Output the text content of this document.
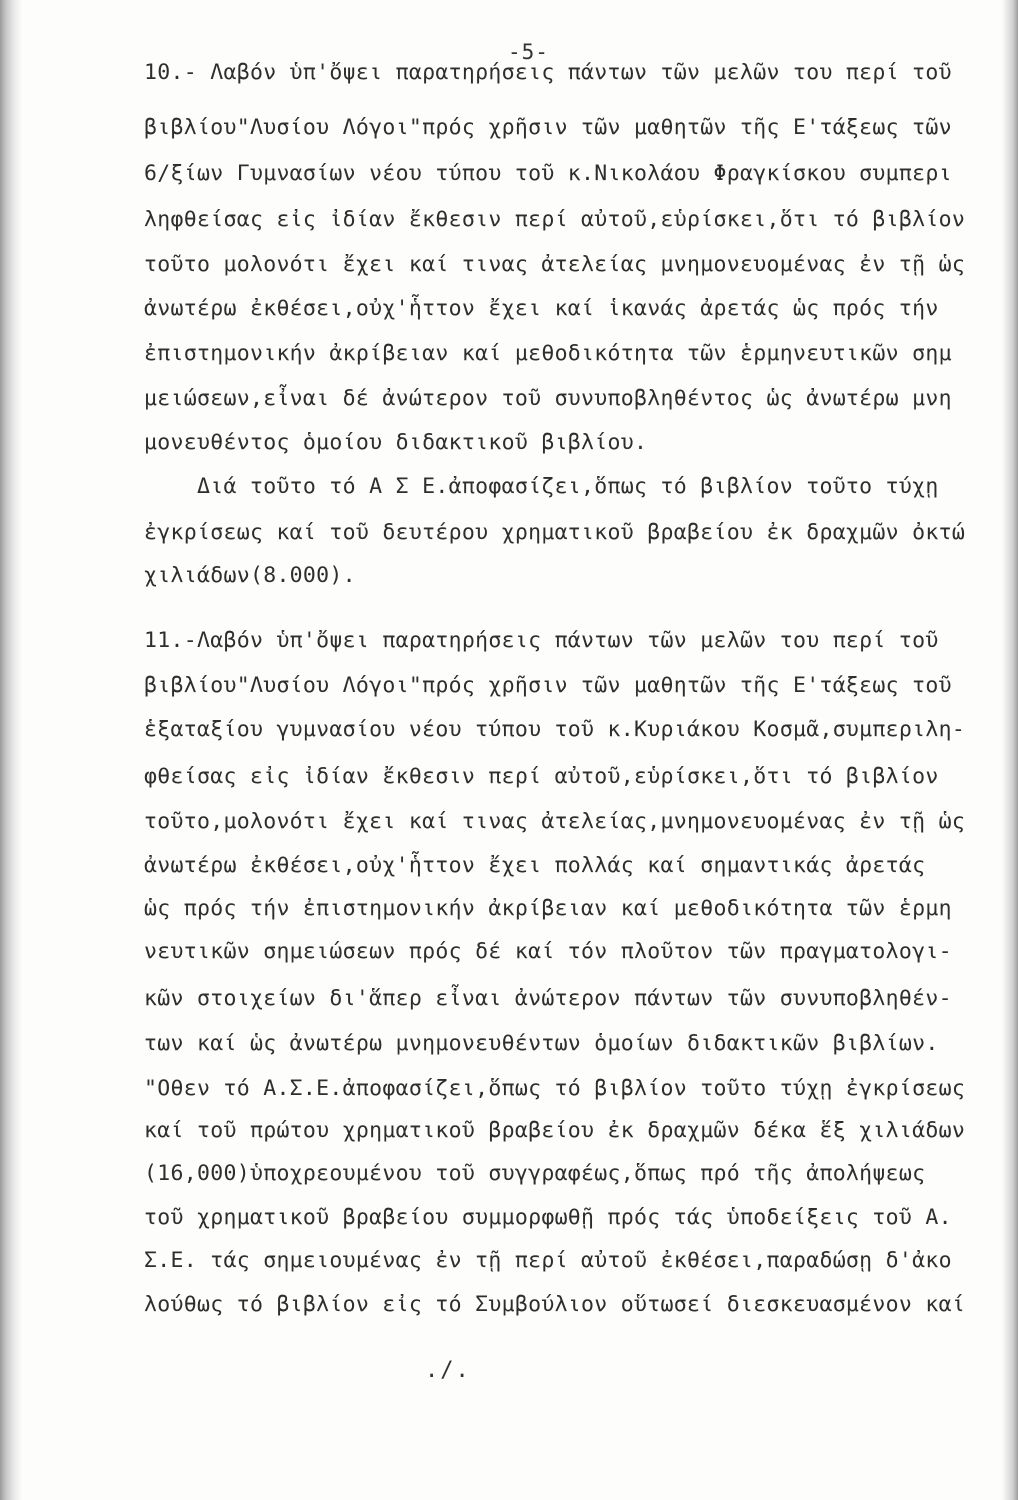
-5-
10.- Λαβόν ὑπ'ὄψει παρατηρήσεις πάντων τῶν μελῶν του περί τοῦ
βιβλίου"Λυσίου Λόγοι"πρός χρῆσιν τῶν μαθητῶν τῆς Ε'τάξεως τῶν
6/ξίων Γυμνασίων νέου τύπου τοῦ κ.Νικολάου Φραγκίσκου συμπερι
ληφθείσας εἰς ἰδίαν ἔκθεσιν περί αὐτοῦ,εὑρίσκει,ὅτι τό βιβλίον
τοῦτο μολονότι ἔχει καί τινας ἀτελείας μνημονευομένας ἐν τῇ ὡς
ἀνωτέρω ἐκθέσει,οὐχ'ἧττον ἔχει καί ἱκανάς ἀρετάς ὡς πρός τήν
ἐπιστημονικήν ἀκρίβειαν καί μεθοδικότητα τῶν ἑρμηνευτικῶν σημ
μειώσεων,εἶναι δέ ἀνώτερον τοῦ συνυποβληθέντος ὡς ἀνωτέρω μνη
μονευθέντος ὁμοίου διδακτικοῦ βιβλίου.
Διά τοῦτο τό Α Σ Ε.ἀποφασίζει,ὅπως τό βιβλίον τοῦτο τύχῃ
ἐγκρίσεως καί τοῦ δευτέρου χρηματικοῦ βραβείου ἐκ δραχμῶν ὀκτώ
χιλιάδων(8.000).
11.-Λαβόν ὑπ'ὄψει παρατηρήσεις πάντων τῶν μελῶν του περί τοῦ
βιβλίου"Λυσίου Λόγοι"πρός χρῆσιν τῶν μαθητῶν τῆς Ε'τάξεως τοῦ
ἑξαταξίου γυμνασίου νέου τύπου τοῦ κ.Κυριάκου Κοσμᾶ,συμπεριλη-
φθείσας εἰς ἰδίαν ἔκθεσιν περί αὐτοῦ,εὑρίσκει,ὅτι τό βιβλίον
τοῦτο,μολονότι ἔχει καί τινας ἀτελείας,μνημονευομένας ἐν τῇ ὡς
ἀνωτέρω ἐκθέσει,οὐχ'ἧττον ἔχει πολλάς καί σημαντικάς ἀρετάς
ὡς πρός τήν ἐπιστημονικήν ἀκρίβειαν καί μεθοδικότητα τῶν ἑρμη
νευτικῶν σημειώσεων πρός δέ καί τόν πλοῦτον τῶν πραγματολογι-
κῶν στοιχείων δι'ἅπερ εἶναι ἀνώτερον πάντων τῶν συνυποβληθέν-
των καί ὡς ἀνωτέρω μνημονευθέντων ὁμοίων διδακτικῶν βιβλίων.
"Οθεν τό Α.Σ.Ε.ἀποφασίζει,ὅπως τό βιβλίον τοῦτο τύχῃ ἐγκρίσεως
καί τοῦ πρώτου χρηματικοῦ βραβείου ἐκ δραχμῶν δέκα ἕξ χιλιάδων
(16,000)ὑποχρεουμένου τοῦ συγγραφέως,ὅπως πρό τῆς ἀπολήψεως
τοῦ χρηματικοῦ βραβείου συμμορφωθῇ πρός τάς ὑποδείξεις τοῦ Α.
Σ.Ε. τάς σημειουμένας ἐν τῇ περί αὐτοῦ ἐκθέσει,παραδώσῃ δ'ἀκο
λούθως τό βιβλίον εἰς τό Συμβούλιον οὕτωσεί διεσκευασμένον καί
./.
